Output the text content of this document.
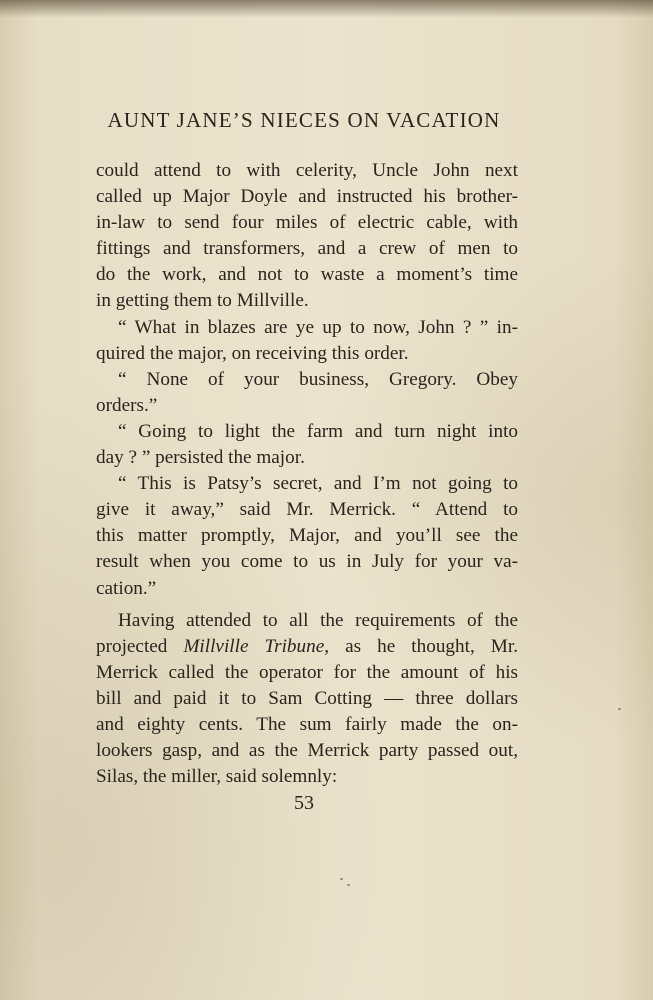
AUNT JANE’S NIECES ON VACATION
could attend to with celerity, Uncle John next
called up Major Doyle and instructed his brother-
in-law to send four miles of electric cable, with
fittings and transformers, and a crew of men to
do the work, and not to waste a moment’s time
in getting them to Millville.
“ What in blazes are ye up to now, John ? ” in-
quired the major, on receiving this order.
“ None of your business, Gregory. Obey
orders.”
“ Going to light the farm and turn night into
day ? ” persisted the major.
“ This is Patsy’s secret, and I’m not going to
give it away,” said Mr. Merrick. “ Attend to
this matter promptly, Major, and you’ll see the
result when you come to us in July for your va-
cation.”
Having attended to all the requirements of the
projected Millville Tribune, as he thought, Mr.
Merrick called the operator for the amount of his
bill and paid it to Sam Cotting — three dollars
and eighty cents. The sum fairly made the on-
lookers gasp, and as the Merrick party passed out,
Silas, the miller, said solemnly:
53
